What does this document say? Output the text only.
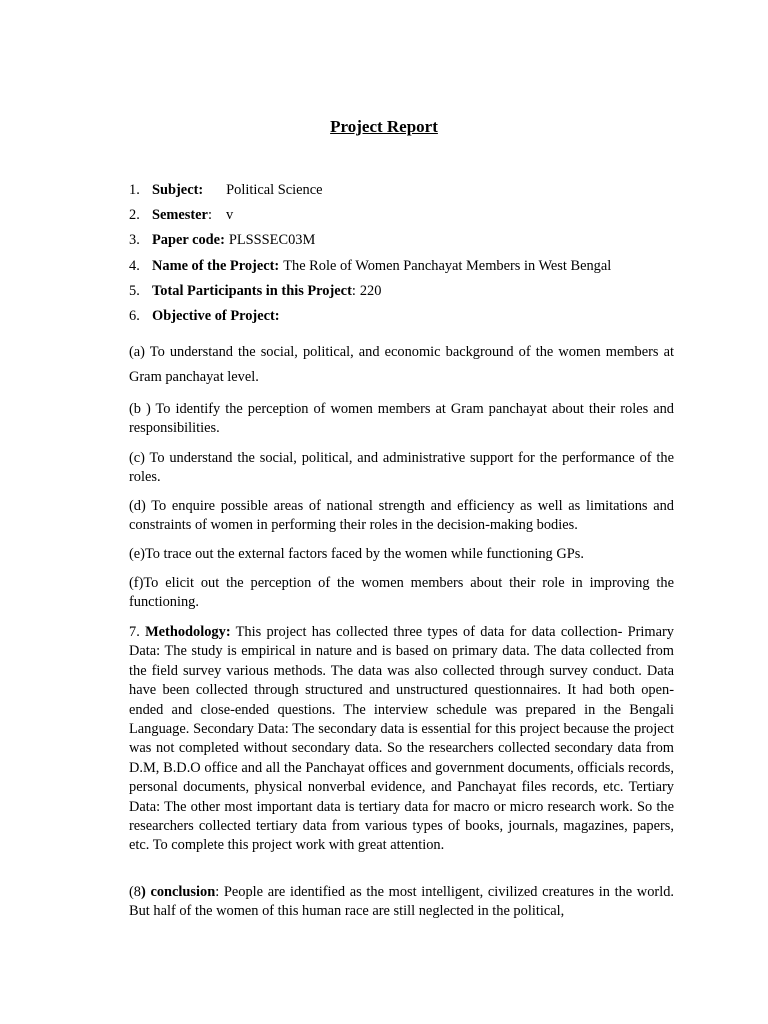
Project Report
1. Subject: Political Science
2. Semester: v
3. Paper code: PLSSSEC03M
4. Name of the Project: The Role of Women Panchayat Members in West Bengal
5. Total Participants in this Project: 220
6. Objective of Project:

(a) To understand the social, political, and economic background of the women members at Gram panchayat level.

(b ) To identify the perception of women members at Gram panchayat about their roles and responsibilities.

(c) To understand the social, political, and administrative support for the performance of the roles.

(d) To enquire possible areas of national strength and efficiency as well as limitations and constraints of women in performing their roles in the decision-making bodies.

(e)To trace out the external factors faced by the women while functioning GPs.

(f)To elicit out the perception of the women members about their role in improving the functioning.

7. Methodology: This project has collected three types of data for data collection- Primary Data: The study is empirical in nature and is based on primary data. The data collected from the field survey various methods. The data was also collected through survey conduct. Data have been collected through structured and unstructured questionnaires. It had both open-ended and close-ended questions. The interview schedule was prepared in the Bengali Language. Secondary Data: The secondary data is essential for this project because the project was not completed without secondary data. So the researchers collected secondary data from D.M, B.D.O office and all the Panchayat offices and government documents, officials records, personal documents, physical nonverbal evidence, and Panchayat files records, etc. Tertiary Data: The other most important data is tertiary data for macro or micro research work. So the researchers collected tertiary data from various types of books, journals, magazines, papers, etc. To complete this project work with great attention.

(8) conclusion: People are identified as the most intelligent, civilized creatures in the world. But half of the women of this human race are still neglected in the political,
